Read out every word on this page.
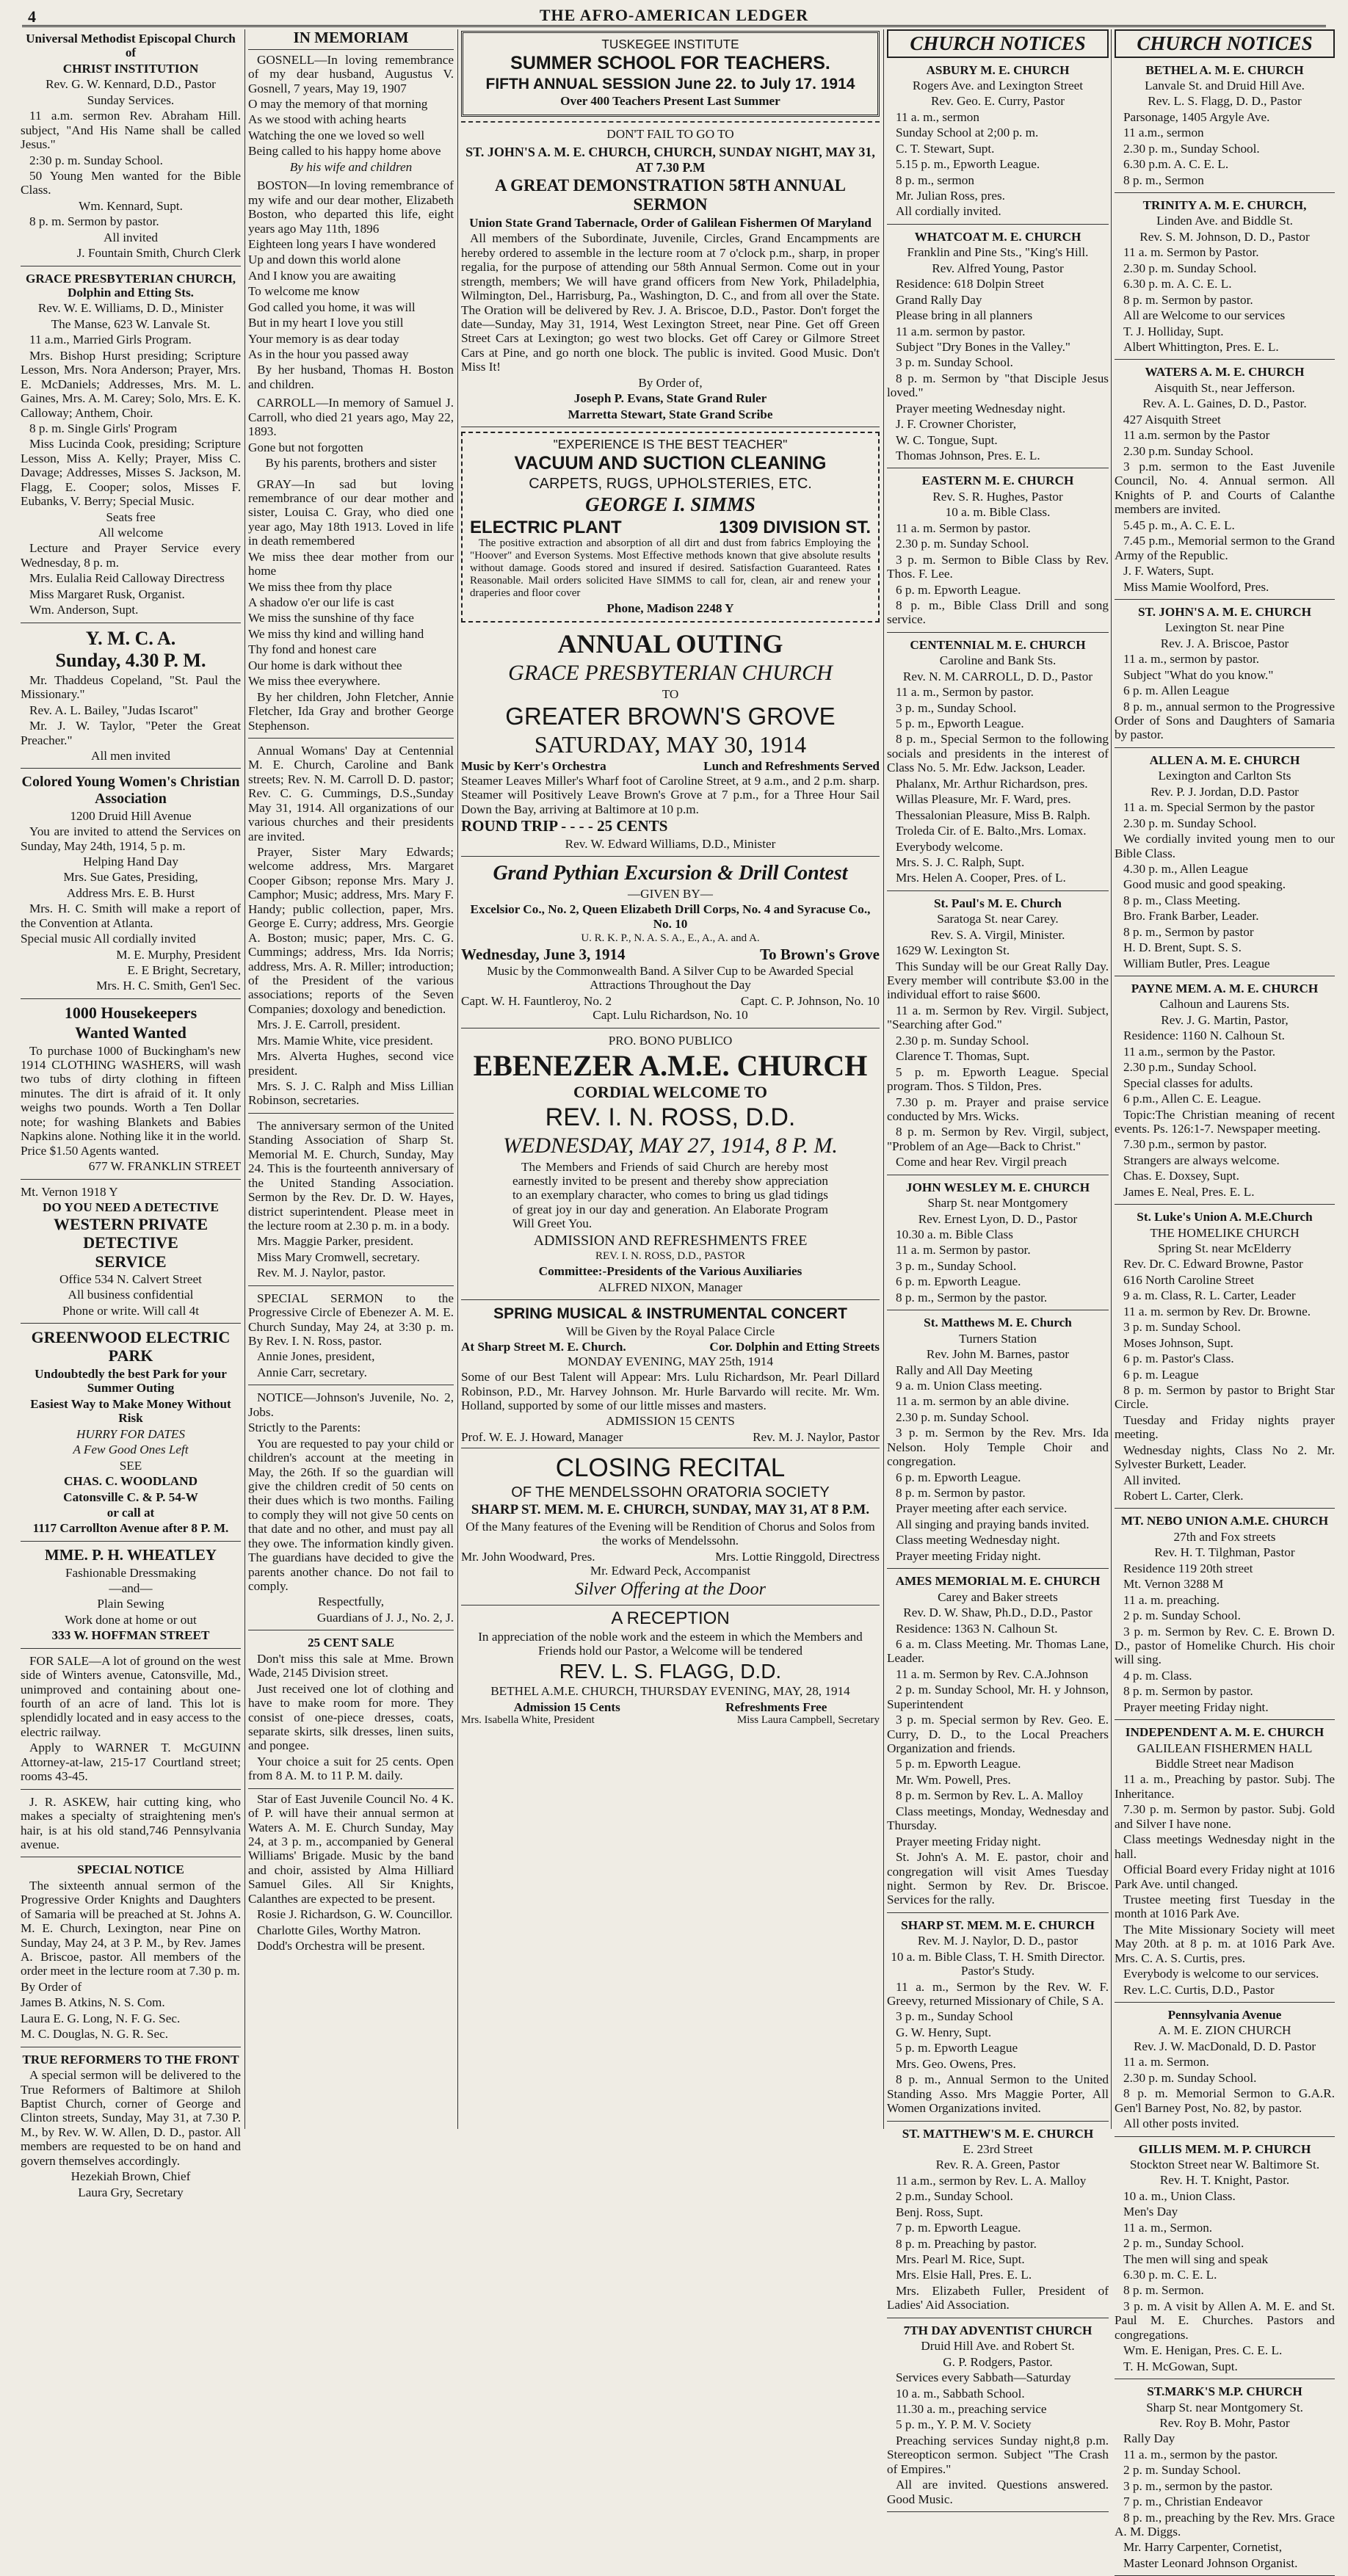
4	THE AFRO-AMERICAN LEDGER

Universal Methodist Episcopal Church of

CHRIST INSTITUTION

Rev. G. W. Kennard, D.D., Pastor

Sunday Services.

11 a.m. sermon Rev. Abraham Hill. subject, "And His Name shall be called Jesus."

2:30 p. m. Sunday School.

50 Young Men wanted for the Bible Class.

Wm. Kennard, Supt.

8 p. m. Sermon by pastor.

All invited

J. Fountain Smith, Church Clerk

GRACE PRESBYTERIAN CHURCH, Dolphin and Etting Sts.

Rev. W. E. Williams, D. D., Minister

The Manse, 623 W. Lanvale St.

11 a.m., Married Girls Program.

Mrs. Bishop Hurst presiding; Scripture Lesson, Mrs. Nora Anderson; Prayer, Mrs. E. McDaniels; Addresses, Mrs. M. L. Gaines, Mrs. A. M. Carey; Solo, Mrs. E. K. Calloway; Anthem, Choir.

8 p. m. Single Girls' Program

Miss Lucinda Cook, presiding; Scripture Lesson, Miss A. Kelly; Prayer, Miss C. Davage; Addresses, Misses S. Jackson, M. Flagg, E. Cooper; solos, Misses F. Eubanks, V. Berry; Special Music.

Seats free

All welcome

Lecture and Prayer Service every Wednesday, 8 p. m.

Mrs. Eulalia Reid Calloway Directress

Miss Margaret Rusk, Organist.

Wm. Anderson, Supt.

Y. M. C. A.

Sunday, 4.30 P. M.

Mr. Thaddeus Copeland, "St. Paul the Missionary."

Rev. A. L. Bailey, "Judas Iscarot"

Mr. J. W. Taylor, "Peter the Great Preacher."

All men invited

Colored Young Women's Christian Association

1200 Druid Hill Avenue

You are invited to attend the Services on Sunday, May 24th, 1914, 5 p. m.

Helping Hand Day

Mrs. Sue Gates, Presiding,

Address Mrs. E. B. Hurst

Mrs. H. C. Smith will make a report of the Convention at Atlanta.

Special music All cordially invited

M. E. Murphy, President

E. E Bright, Secretary,

Mrs. H. C. Smith, Gen'l Sec.

1000 Housekeepers

Wanted Wanted

To purchase 1000 of Buckingham's new 1914 CLOTHING WASHERS, will wash two tubs of dirty clothing in fifteen minutes. The dirt is afraid of it. It only weighs two pounds. Worth a Ten Dollar note; for washing Blankets and Babies Napkins alone. Nothing like it in the world. Price $1.50 Agents wanted.

677 W. FRANKLIN STREET

Mt. Vernon 1918 Y

DO YOU NEED A DETECTIVE

WESTERN PRIVATE DETECTIVE

SERVICE

Office 534 N. Calvert Street

All business confidential

Phone or write. Will call 4t

GREENWOOD ELECTRIC PARK

Undoubtedly the best Park for your Summer Outing

Easiest Way to Make Money Without Risk

HURRY FOR DATES

A Few Good Ones Left

SEE

CHAS. C. WOODLAND

Catonsville C. & P. 54-W

or call at

1117 Carrollton Avenue after 8 P. M.

MME. P. H. WHEATLEY

Fashionable Dressmaking

—and—

Plain Sewing

Work done at home or out

333 W. HOFFMAN STREET

FOR SALE—A lot of ground on the west side of Winters avenue, Catonsville, Md., unimproved and containing about one-fourth of an acre of land. This lot is splendidly located and in easy access to the electric railway.

Apply to WARNER T. McGUINN Attorney-at-law, 215-17 Courtland street; rooms 43-45.

J. R. ASKEW, hair cutting king, who makes a specialty of straightening men's hair, is at his old stand,746 Pennsylvania avenue.

SPECIAL NOTICE

The sixteenth annual sermon of the Progressive Order Knights and Daughters of Samaria will be preached at St. Johns A. M. E. Church, Lexington, near Pine on Sunday, May 24, at 3 P. M., by Rev. James A. Briscoe, pastor. All members of the order meet in the lecture room at 7.30 p. m.

By Order of

James B. Atkins, N. S. Com.

Laura E. G. Long, N. F. G. Sec.

M. C. Douglas, N. G. R. Sec.

TRUE REFORMERS TO THE FRONT

A special sermon will be delivered to the True Reformers of Baltimore at Shiloh Baptist Church, corner of George and Clinton streets, Sunday, May 31, at 7.30 P. M., by Rev. W. W. Allen, D. D., pastor. All members are requested to be on hand and govern themselves accordingly.

Hezekiah Brown, Chief

Laura Gry, Secretary

IN MEMORIAM

GOSNELL—In loving remembrance of my dear husband, Augustus V. Gosnell, 7 years, May 19, 1907

O may the memory of that morning

As we stood with aching hearts

Watching the one we loved so well

Being called to his happy home above

By his wife and children

BOSTON—In loving remembrance of my wife and our dear mother, Elizabeth Boston, who departed this life, eight years ago May 11th, 1896

Eighteen long years I have wondered

Up and down this world alone

And I know you are awaiting

To welcome me know

God called you home, it was will

But in my heart I love you still

Your memory is as dear today

As in the hour you passed away

By her husband, Thomas H. Boston and children.

CARROLL—In memory of Samuel J. Carroll, who died 21 years ago, May 22, 1893.

Gone but not forgotten

By his parents, brothers and sister

GRAY—In sad but loving remembrance of our dear mother and sister, Louisa C. Gray, who died one year ago, May 18th 1913. Loved in life in death remembered

We miss thee dear mother from our home

We miss thee from thy place

A shadow o'er our life is cast

We miss the sunshine of thy face

We miss thy kind and willing hand

Thy fond and honest care

Our home is dark without thee

We miss thee everywhere.

By her children, John Fletcher, Annie Fletcher, Ida Gray and brother George Stephenson.

Annual Womans' Day at Centennial M. E. Church, Caroline and Bank streets; Rev. N. M. Carroll D. D. pastor; Rev. C. G. Cummings, D.S.,Sunday May 31, 1914. All organizations of our various churches and their presidents are invited.

Prayer, Sister Mary Edwards; welcome address, Mrs. Margaret Cooper Gibson; reponse Mrs. Mary J. Camphor; Music; address, Mrs. Mary F. Handy; public collection, paper, Mrs. George E. Curry; address, Mrs. Georgie A. Boston; music; paper, Mrs. C. G. Cummings; address, Mrs. Ida Norris; address, Mrs. A. R. Miller; introduction; of the President of the various associations; reports of the Seven Companies; doxology and benediction.

Mrs. J. E. Carroll, president.

Mrs. Mamie White, vice president.

Mrs. Alverta Hughes, second vice president.

Mrs. S. J. C. Ralph and Miss Lillian Robinson, secretaries.

The anniversary sermon of the United Standing Association of Sharp St. Memorial M. E. Church, Sunday, May 24. This is the fourteenth anniversary of the United Standing Association. Sermon by the Rev. Dr. D. W. Hayes, district superintendent. Please meet in the lecture room at 2.30 p. m. in a body.

Mrs. Maggie Parker, president.

Miss Mary Cromwell, secretary.

Rev. M. J. Naylor, pastor.

SPECIAL SERMON to the Progressive Circle of Ebenezer A. M. E. Church Sunday, May 24, at 3:30 p. m. By Rev. I. N. Ross, pastor.

Annie Jones, president,

Annie Carr, secretary.

NOTICE—Johnson's Juvenile, No. 2, Jobs.

Strictly to the Parents:

You are requested to pay your child or children's account at the meeting in May, the 26th. If so the guardian will give the children credit of 50 cents on their dues which is two months. Failing to comply they will not give 50 cents on that date and no other, and must pay all they owe. The information kindly given. The guardians have decided to give the parents another chance. Do not fail to comply.

Respectfully,

Guardians of J. J., No. 2, J.

25 CENT SALE

Don't miss this sale at Mme. Brown Wade, 2145 Division street.

Just received one lot of clothing and have to make room for more. They consist of one-piece dresses, coats, separate skirts, silk dresses, linen suits, and pongee.

Your choice a suit for 25 cents. Open from 8 A. M. to 11 P. M. daily.

Star of East Juvenile Council No. 4 K. of P. will have their annual sermon at Waters A. M. E. Church Sunday, May 24, at 3 p. m., accompanied by General Williams' Brigade. Music by the band and choir, assisted by Alma Hilliard Samuel Giles. All Sir Knights, Calanthes are expected to be present.

Rosie J. Richardson, G. W. Councillor.

Charlotte Giles, Worthy Matron.

Dodd's Orchestra will be present.

TUSKEGEE INSTITUTE

SUMMER SCHOOL FOR TEACHERS.

FIFTH ANNUAL SESSION June 22. to July 17. 1914

Over 400 Teachers Present Last Summer

DON'T FAIL TO GO TO

ST. JOHN'S A. M. E. CHURCH, CHURCH, SUNDAY NIGHT, MAY 31, AT 7.30 P.M

A GREAT DEMONSTRATION 58TH ANNUAL SERMON

Union State Grand Tabernacle, Order of Galilean Fishermen Of Maryland

All members of the Subordinate, Juvenile, Circles, Grand Encampments are hereby ordered to assemble in the lecture room at 7 o'clock p.m., sharp, in proper regalia, for the purpose of attending our 58th Annual Sermon. Come out in your strength, members; We will have grand officers from New York, Philadelphia, Wilmington, Del., Harrisburg, Pa., Washington, D. C., and from all over the State. The Oration will be delivered by Rev. J. A. Briscoe, D.D., Pastor. Don't forget the date—Sunday, May 31, 1914, West Lexington Street, near Pine. Get off Green Street Cars at Lexington; go west two blocks. Get off Carey or Gilmore Street Cars at Pine, and go north one block. The public is invited. Good Music. Don't Miss It!

By Order of,

Joseph P. Evans, State Grand Ruler

Marretta Stewart, State Grand Scribe

"EXPERIENCE IS THE BEST TEACHER"

VACUUM AND SUCTION CLEANING

CARPETS, RUGS, UPHOLSTERIES, ETC.

GEORGE I. SIMMS

ELECTRIC PLANT	1309 DIVISION ST.

The positive extraction and absorption of all dirt and dust from fabrics Employing the "Hoover" and Everson Systems. Most Effective methods known that give absolute results without damage. Goods stored and insured if desired. Satisfaction Guaranteed. Rates Reasonable. Mail orders solicited Have SIMMS to call for, clean, air and renew your draperies and floor cover

Phone, Madison 2248 Y

ANNUAL OUTING

GRACE PRESBYTERIAN CHURCH

TO

GREATER BROWN'S GROVE

SATURDAY, MAY 30, 1914

Music by Kerr's Orchestra	Lunch and Refreshments Served

Steamer Leaves Miller's Wharf foot of Caroline Street, at 9 a.m., and 2 p.m. sharp. Steamer will Positively Leave Brown's Grove at 7 p.m., for a Three Hour Sail Down the Bay, arriving at Baltimore at 10 p.m.

ROUND TRIP - - - - 25 CENTS

Rev. W. Edward Williams, D.D., Minister

Grand Pythian Excursion & Drill Contest

—GIVEN BY—

Excelsior Co., No. 2, Queen Elizabeth Drill Corps, No. 4 and Syracuse Co., No. 10

U. R. K. P., N. A. S. A., E., A., A. and A.

Wednesday, June 3, 1914	To Brown's Grove

Music by the Commonwealth Band. A Silver Cup to be Awarded Special Attractions Throughout the Day

Capt. W. H. Fauntleroy, No. 2	Capt. C. P. Johnson, No. 10

Capt. Lulu Richardson, No. 10

PRO. BONO PUBLICO

EBENEZER A.M.E. CHURCH

CORDIAL WELCOME TO

REV. I. N. ROSS, D.D.

WEDNESDAY, MAY 27, 1914, 8 P. M.

The Members and Friends of said Church are hereby most earnestly invited to be present and thereby show appreciation to an exemplary character, who comes to bring us glad tidings of great joy in our day and generation. An Elaborate Program Will Greet You.

ADMISSION AND REFRESHMENTS FREE

REV. I. N. ROSS, D.D., PASTOR

Committee:-Presidents of the Various Auxiliaries

ALFRED NIXON, Manager

SPRING MUSICAL & INSTRUMENTAL CONCERT

Will be Given by the Royal Palace Circle

At Sharp Street M. E. Church.	Cor. Dolphin and Etting Streets

MONDAY EVENING, MAY 25th, 1914

Some of our Best Talent will Appear: Mrs. Lulu Richardson, Mr. Pearl Dillard Robinson, P.D., Mr. Harvey Johnson. Mr. Hurle Barvardo will recite. Mr. Wm. Holland, supported by some of our little misses and masters.

ADMISSION 15 CENTS

Prof. W. E. J. Howard, Manager	Rev. M. J. Naylor, Pastor

CLOSING RECITAL

OF THE MENDELSSOHN ORATORIA SOCIETY

SHARP ST. MEM. M. E. CHURCH, SUNDAY, MAY 31, AT 8 P.M.

Of the Many features of the Evening will be Rendition of Chorus and Solos from the works of Mendelssohn.

Mr. John Woodward, Pres.	Mrs. Lottie Ringgold, Directress

Mr. Edward Peck, Accompanist

Silver Offering at the Door

A RECEPTION

In appreciation of the noble work and the esteem in which the Members and Friends hold our Pastor, a Welcome will be tendered

REV. L. S. FLAGG, D.D.

BETHEL A.M.E. CHURCH, THURSDAY EVENING, MAY, 28, 1914

Admission 15 Cents	Refreshments Free
Mrs. Isabella White, President	Miss Laura Campbell, Secretary
CHURCH NOTICES

ASBURY M. E. CHURCH

Rogers Ave. and Lexington Street

Rev. Geo. E. Curry, Pastor

11 a. m., sermon

Sunday School at 2;00 p. m.

C. T. Stewart, Supt.

5.15 p. m., Epworth League.

8 p. m., sermon

Mr. Julian Ross, pres.

All cordially invited.

WHATCOAT M. E. CHURCH

Franklin and Pine Sts., "King's Hill.

Rev. Alfred Young, Pastor

Residence: 618 Dolpin Street

Grand Rally Day

Please bring in all planners

11 a.m. sermon by pastor.

Subject "Dry Bones in the Valley."

3 p. m. Sunday School.

8 p. m. Sermon by "that Disciple Jesus loved."

Prayer meeting Wednesday night.

J. F. Crowner Chorister,

W. C. Tongue, Supt.

Thomas Johnson, Pres. E. L.

EASTERN M. E. CHURCH

Rev. S. R. Hughes, Pastor

10 a. m. Bible Class.

11 a. m. Sermon by pastor.

2.30 p. m. Sunday School.

3 p. m. Sermon to Bible Class by Rev. Thos. F. Lee.

6 p. m. Epworth League.

8 p. m., Bible Class Drill and song service.

CENTENNIAL M. E. CHURCH

Caroline and Bank Sts.

Rev. N. M. CARROLL, D. D., Pastor

11 a. m., Sermon by pastor.

3 p. m., Sunday School.

5 p. m., Epworth League.

8 p. m., Special Sermon to the following socials and presidents in the interest of Class No. 5. Mr. Edw. Jackson, Leader.

Phalanx, Mr. Arthur Richardson, pres.

Willas Pleasure, Mr. F. Ward, pres.

Thessalonian Pleasure, Miss B. Ralph.

Troleda Cir. of E. Balto.,Mrs. Lomax.

Everybody welcome.

Mrs. S. J. C. Ralph, Supt.

Mrs. Helen A. Cooper, Pres. of L.

St. Paul's M. E. Church

Saratoga St. near Carey.

Rev. S. A. Virgil, Minister.

1629 W. Lexington St.

This Sunday will be our Great Rally Day. Every member will contribute $3.00 in the individual effort to raise $600.

11 a. m. Sermon by Rev. Virgil. Subject, "Searching after God."

2.30 p. m. Sunday School.

Clarence T. Thomas, Supt.

5 p. m. Epworth League. Special program. Thos. S Tildon, Pres.

7.30 p. m. Prayer and praise service conducted by Mrs. Wicks.

8 p. m. Sermon by Rev. Virgil, subject, "Problem of an Age—Back to Christ."

Come and hear Rev. Virgil preach

JOHN WESLEY M. E. CHURCH

Sharp St. near Montgomery

Rev. Ernest Lyon, D. D., Pastor

10.30 a. m. Bible Class

11 a. m. Sermon by pastor.

3 p. m., Sunday School.

6 p. m. Epworth League.

8 p. m., Sermon by the pastor.

St. Matthews M. E. Church

Turners Station

Rev. John M. Barnes, pastor

Rally and All Day Meeting

9 a. m. Union Class meeting.

11 a. m. sermon by an able divine.

2.30 p. m. Sunday School.

3 p. m. Sermon by the Rev. Mrs. Ida Nelson. Holy Temple Choir and congregation.

6 p. m. Epworth League.

8 p. m. Sermon by pastor.

Prayer meeting after each service.

All singing and praying bands invited.

Class meeting Wednesday night.

Prayer meeting Friday night.

AMES MEMORIAL M. E. CHURCH

Carey and Baker streets

Rev. D. W. Shaw, Ph.D., D.D., Pastor

Residence: 1363 N. Calhoun St.

6 a. m. Class Meeting. Mr. Thomas Lane, Leader.

11 a. m. Sermon by Rev. C.A.Johnson

2 p. m. Sunday School, Mr. H. y Johnson, Superintendent

3 p. m. Special sermon by Rev. Geo. E. Curry, D. D., to the Local Preachers Organization and friends.

5 p. m. Epworth League.

Mr. Wm. Powell, Pres.

8 p. m. Sermon by Rev. L. A. Malloy

Class meetings, Monday, Wednesday and Thursday.

Prayer meeting Friday night.

St. John's A. M. E. pastor, choir and congregation will visit Ames Tuesday night. Sermon by Rev. Dr. Briscoe. Services for the rally.

SHARP ST. MEM. M. E. CHURCH

Rev. M. J. Naylor, D. D., pastor

10 a. m. Bible Class, T. H. Smith Director. Pastor's Study.

11 a. m., Sermon by the Rev. W. F. Greevy, returned Missionary of Chile, S A.

3 p. m., Sunday School

G. W. Henry, Supt.

5 p. m. Epworth League

Mrs. Geo. Owens, Pres.

8 p. m., Annual Sermon to the United Standing Asso. Mrs Maggie Porter, All Women Organizations invited.

ST. MATTHEW'S M. E. CHURCH

E. 23rd Street

Rev. R. A. Green, Pastor

11 a.m., sermon by Rev. L. A. Malloy

2 p.m., Sunday School.

Benj. Ross, Supt.

7 p. m. Epworth League.

8 p. m. Preaching by pastor.

Mrs. Pearl M. Rice, Supt.

Mrs. Elsie Hall, Pres. E. L.

Mrs. Elizabeth Fuller, President of Ladies' Aid Association.

7TH DAY ADVENTIST CHURCH

Druid Hill Ave. and Robert St.

G. P. Rodgers, Pastor.

Services every Sabbath—Saturday

10 a. m., Sabbath School.

11.30 a. m., preaching service

5 p. m., Y. P. M. V. Society

Preaching services Sunday night,8 p.m. Stereopticon sermon. Subject "The Crash of Empires."

All are invited. Questions answered. Good Music.

CHURCH NOTICES

BETHEL A. M. E. CHURCH

Lanvale St. and Druid Hill Ave.

Rev. L. S. Flagg, D. D., Pastor

Parsonage, 1405 Argyle Ave.

11 a.m., sermon

2.30 p. m., Sunday School.

6.30 p.m. A. C. E. L.

8 p. m., Sermon

TRINITY A. M. E. CHURCH,

Linden Ave. and Biddle St.

Rev. S. M. Johnson, D. D., Pastor

11 a. m. Sermon by Pastor.

2.30 p. m. Sunday School.

6.30 p. m. A. C. E. L.

8 p. m. Sermon by pastor.

All are Welcome to our services

T. J. Holliday, Supt.

Albert Whittington, Pres. E. L.

WATERS A. M. E. CHURCH

Aisquith St., near Jefferson.

Rev. A. L. Gaines, D. D., Pastor.

427 Aisquith Street

11 a.m. sermon by the Pastor

2.30 p.m. Sunday School.

3 p.m. sermon to the East Juvenile Council, No. 4. Annual sermon. All Knights of P. and Courts of Calanthe members are invited.

5.45 p. m., A. C. E. L.

7.45 p.m., Memorial sermon to the Grand Army of the Republic.

J. F. Waters, Supt.

Miss Mamie Woolford, Pres.

ST. JOHN'S A. M. E. CHURCH

Lexington St. near Pine

Rev. J. A. Briscoe, Pastor

11 a. m., sermon by pastor.

Subject "What do you know."

6 p. m. Allen League

8 p. m., annual sermon to the Progressive Order of Sons and Daughters of Samaria by pastor.

ALLEN A. M. E. CHURCH

Lexington and Carlton Sts

Rev. P. J. Jordan, D.D. Pastor

11 a. m. Special Sermon by the pastor

2.30 p. m. Sunday School.

We cordially invited young men to our Bible Class.

4.30 p. m., Allen League

Good music and good speaking.

8 p. m., Class Meeting.

Bro. Frank Barber, Leader.

8 p. m., Sermon by pastor

H. D. Brent, Supt. S. S.

William Butler, Pres. League

PAYNE MEM. A. M. E. CHURCH

Calhoun and Laurens Sts.

Rev. J. G. Martin, Pastor,

Residence: 1160 N. Calhoun St.

11 a.m., sermon by the Pastor.

2.30 p.m., Sunday School.

Special classes for adults.

6 p.m., Allen C. E. League.

Topic:The Christian meaning of recent events. Ps. 126:1-7. Newspaper meeting.

7.30 p.m., sermon by pastor.

Strangers are always welcome.

Chas. E. Doxsey, Supt.

James E. Neal, Pres. E. L.

St. Luke's Union A. M.E.Church

THE HOMELIKE CHURCH

Spring St. near McElderry

Rev. Dr. C. Edward Browne, Pastor

616 North Caroline Street

9 a. m. Class, R. L. Carter, Leader

11 a. m. sermon by Rev. Dr. Browne.

3 p. m. Sunday School.

Moses Johnson, Supt.

6 p. m. Pastor's Class.

6 p. m. League

8 p. m. Sermon by pastor to Bright Star Circle.

Tuesday and Friday nights prayer meeting.

Wednesday nights, Class No 2. Mr. Sylvester Burkett, Leader.

All invited.

Robert L. Carter, Clerk.

MT. NEBO UNION A.M.E. CHURCH

27th and Fox streets

Rev. H. T. Tilghman, Pastor

Residence 119 20th street

Mt. Vernon 3288 M

11 a. m. preaching.

2 p. m. Sunday School.

3 p. m. Sermon by Rev. C. E. Brown D. D., pastor of Homelike Church. His choir will sing.

4 p. m. Class.

8 p. m. Sermon by pastor.

Prayer meeting Friday night.

INDEPENDENT A. M. E. CHURCH

GALILEAN FISHERMEN HALL

Biddle Street near Madison

11 a. m., Preaching by pastor. Subj. The Inheritance.

7.30 p. m. Sermon by pastor. Subj. Gold and Silver I have none.

Class meetings Wednesday night in the hall.

Official Board every Friday night at 1016 Park Ave. until changed.

Trustee meeting first Tuesday in the month at 1016 Park Ave.

The Mite Missionary Society will meet May 20th. at 8 p. m. at 1016 Park Ave. Mrs. C. A. S. Curtis, pres.

Everybody is welcome to our services.

Rev. L.C. Curtis, D.D., Pastor

Pennsylvania Avenue

A. M. E. ZION CHURCH

Rev. J. W. MacDonald, D. D. Pastor

11 a. m. Sermon.

2.30 p. m. Sunday School.

8 p. m. Memorial Sermon to G.A.R. Gen'l Barney Post, No. 82, by pastor.

All other posts invited.

GILLIS MEM. M. P. CHURCH

Stockton Street near W. Baltimore St.

Rev. H. T. Knight, Pastor.

10 a. m., Union Class.

Men's Day

11 a. m., Sermon.

2 p. m., Sunday School.

The men will sing and speak

6.30 p. m. C. E. L.

8 p. m. Sermon.

3 p. m. A visit by Allen A. M. E. and St. Paul M. E. Churches. Pastors and congregations.

Wm. E. Henigan, Pres. C. E. L.

T. H. McGowan, Supt.

ST.MARK'S M.P. CHURCH

Sharp St. near Montgomery St.

Rev. Roy B. Mohr, Pastor

Rally Day

11 a. m., sermon by the pastor.

2 p. m. Sunday School.

3 p. m., sermon by the pastor.

7 p. m., Christian Endeavor

8 p. m., preaching by the Rev. Mrs. Grace A. M. Diggs.

Mr. Harry Carpenter, Cornetist,

Master Leonard Johnson Organist.
